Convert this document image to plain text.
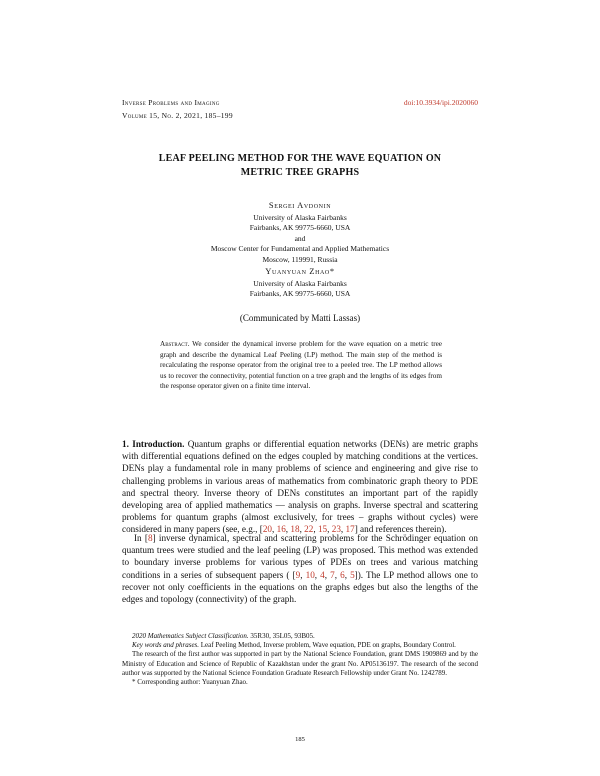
Inverse Problems and Imaging
Volume 15, No. 2, 2021, 185–199
doi:10.3934/ipi.2020060
LEAF PEELING METHOD FOR THE WAVE EQUATION ON
METRIC TREE GRAPHS
Sergei Avdonin
University of Alaska Fairbanks
Fairbanks, AK 99775-6660, USA
and
Moscow Center for Fundamental and Applied Mathematics
Moscow, 119991, Russia
Yuanyuan Zhao*
University of Alaska Fairbanks
Fairbanks, AK 99775-6660, USA
(Communicated by Matti Lassas)
Abstract. We consider the dynamical inverse problem for the wave equation on a metric tree graph and describe the dynamical Leaf Peeling (LP) method. The main step of the method is recalculating the response operator from the original tree to a peeled tree. The LP method allows us to recover the connectivity, potential function on a tree graph and the lengths of its edges from the response operator given on a finite time interval.
1. Introduction. Quantum graphs or differential equation networks (DENs) are metric graphs with differential equations defined on the edges coupled by matching conditions at the vertices. DENs play a fundamental role in many problems of science and engineering and give rise to challenging problems in various areas of mathematics from combinatoric graph theory to PDE and spectral theory. Inverse theory of DENs constitutes an important part of the rapidly developing area of applied mathematics — analysis on graphs. Inverse spectral and scattering problems for quantum graphs (almost exclusively, for trees – graphs without cycles) were considered in many papers (see, e.g., [20, 16, 18, 22, 15, 23, 17] and references therein).
In [8] inverse dynamical, spectral and scattering problems for the Schrödinger equation on quantum trees were studied and the leaf peeling (LP) was proposed. This method was extended to boundary inverse problems for various types of PDEs on trees and various matching conditions in a series of subsequent papers ( [9, 10, 4, 7, 6, 5]). The LP method allows one to recover not only coefficients in the equations on the graphs edges but also the lengths of the edges and topology (connectivity) of the graph.

2020 Mathematics Subject Classification. 35R30, 35L05, 93B05.

Key words and phrases. Leaf Peeling Method, Inverse problem, Wave equation, PDE on graphs, Boundary Control.

The research of the first author was supported in part by the National Science Foundation, grant DMS 1909869 and by the Ministry of Education and Science of Republic of Kazakhstan under the grant No. AP05136197. The research of the second author was supported by the National Science Foundation Graduate Research Fellowship under Grant No. 1242789.

* Corresponding author: Yuanyuan Zhao.

185
